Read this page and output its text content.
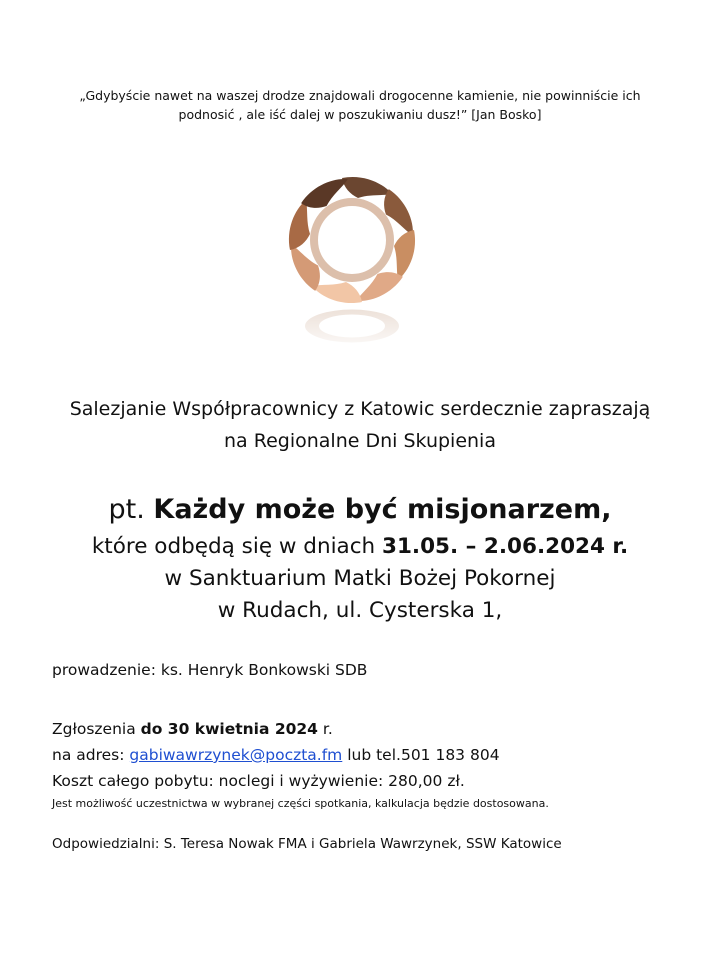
„Gdybyście nawet na waszej drodze znajdowali drogocenne kamienie, nie powinniście ich
podnosić , ale iść dalej w poszukiwaniu dusz!” [Jan Bosko]
Salezjanie Współpracownicy z Katowic serdecznie zapraszają
na Regionalne Dni Skupienia
pt. Każdy może być misjonarzem,
które odbędą się w dniach 31.05. – 2.06.2024 r.
w Sanktuarium Matki Bożej Pokornej
w Rudach, ul. Cysterska 1,
prowadzenie: ks. Henryk Bonkowski SDB
Zgłoszenia do 30 kwietnia 2024 r.
na adres: gabiwawrzynek@poczta.fm lub tel.501 183 804
Koszt całego pobytu: noclegi i wyżywienie: 280,00 zł.
Jest możliwość uczestnictwa w wybranej części spotkania, kalkulacja będzie dostosowana.
Odpowiedzialni: S. Teresa Nowak FMA i Gabriela Wawrzynek, SSW Katowice
